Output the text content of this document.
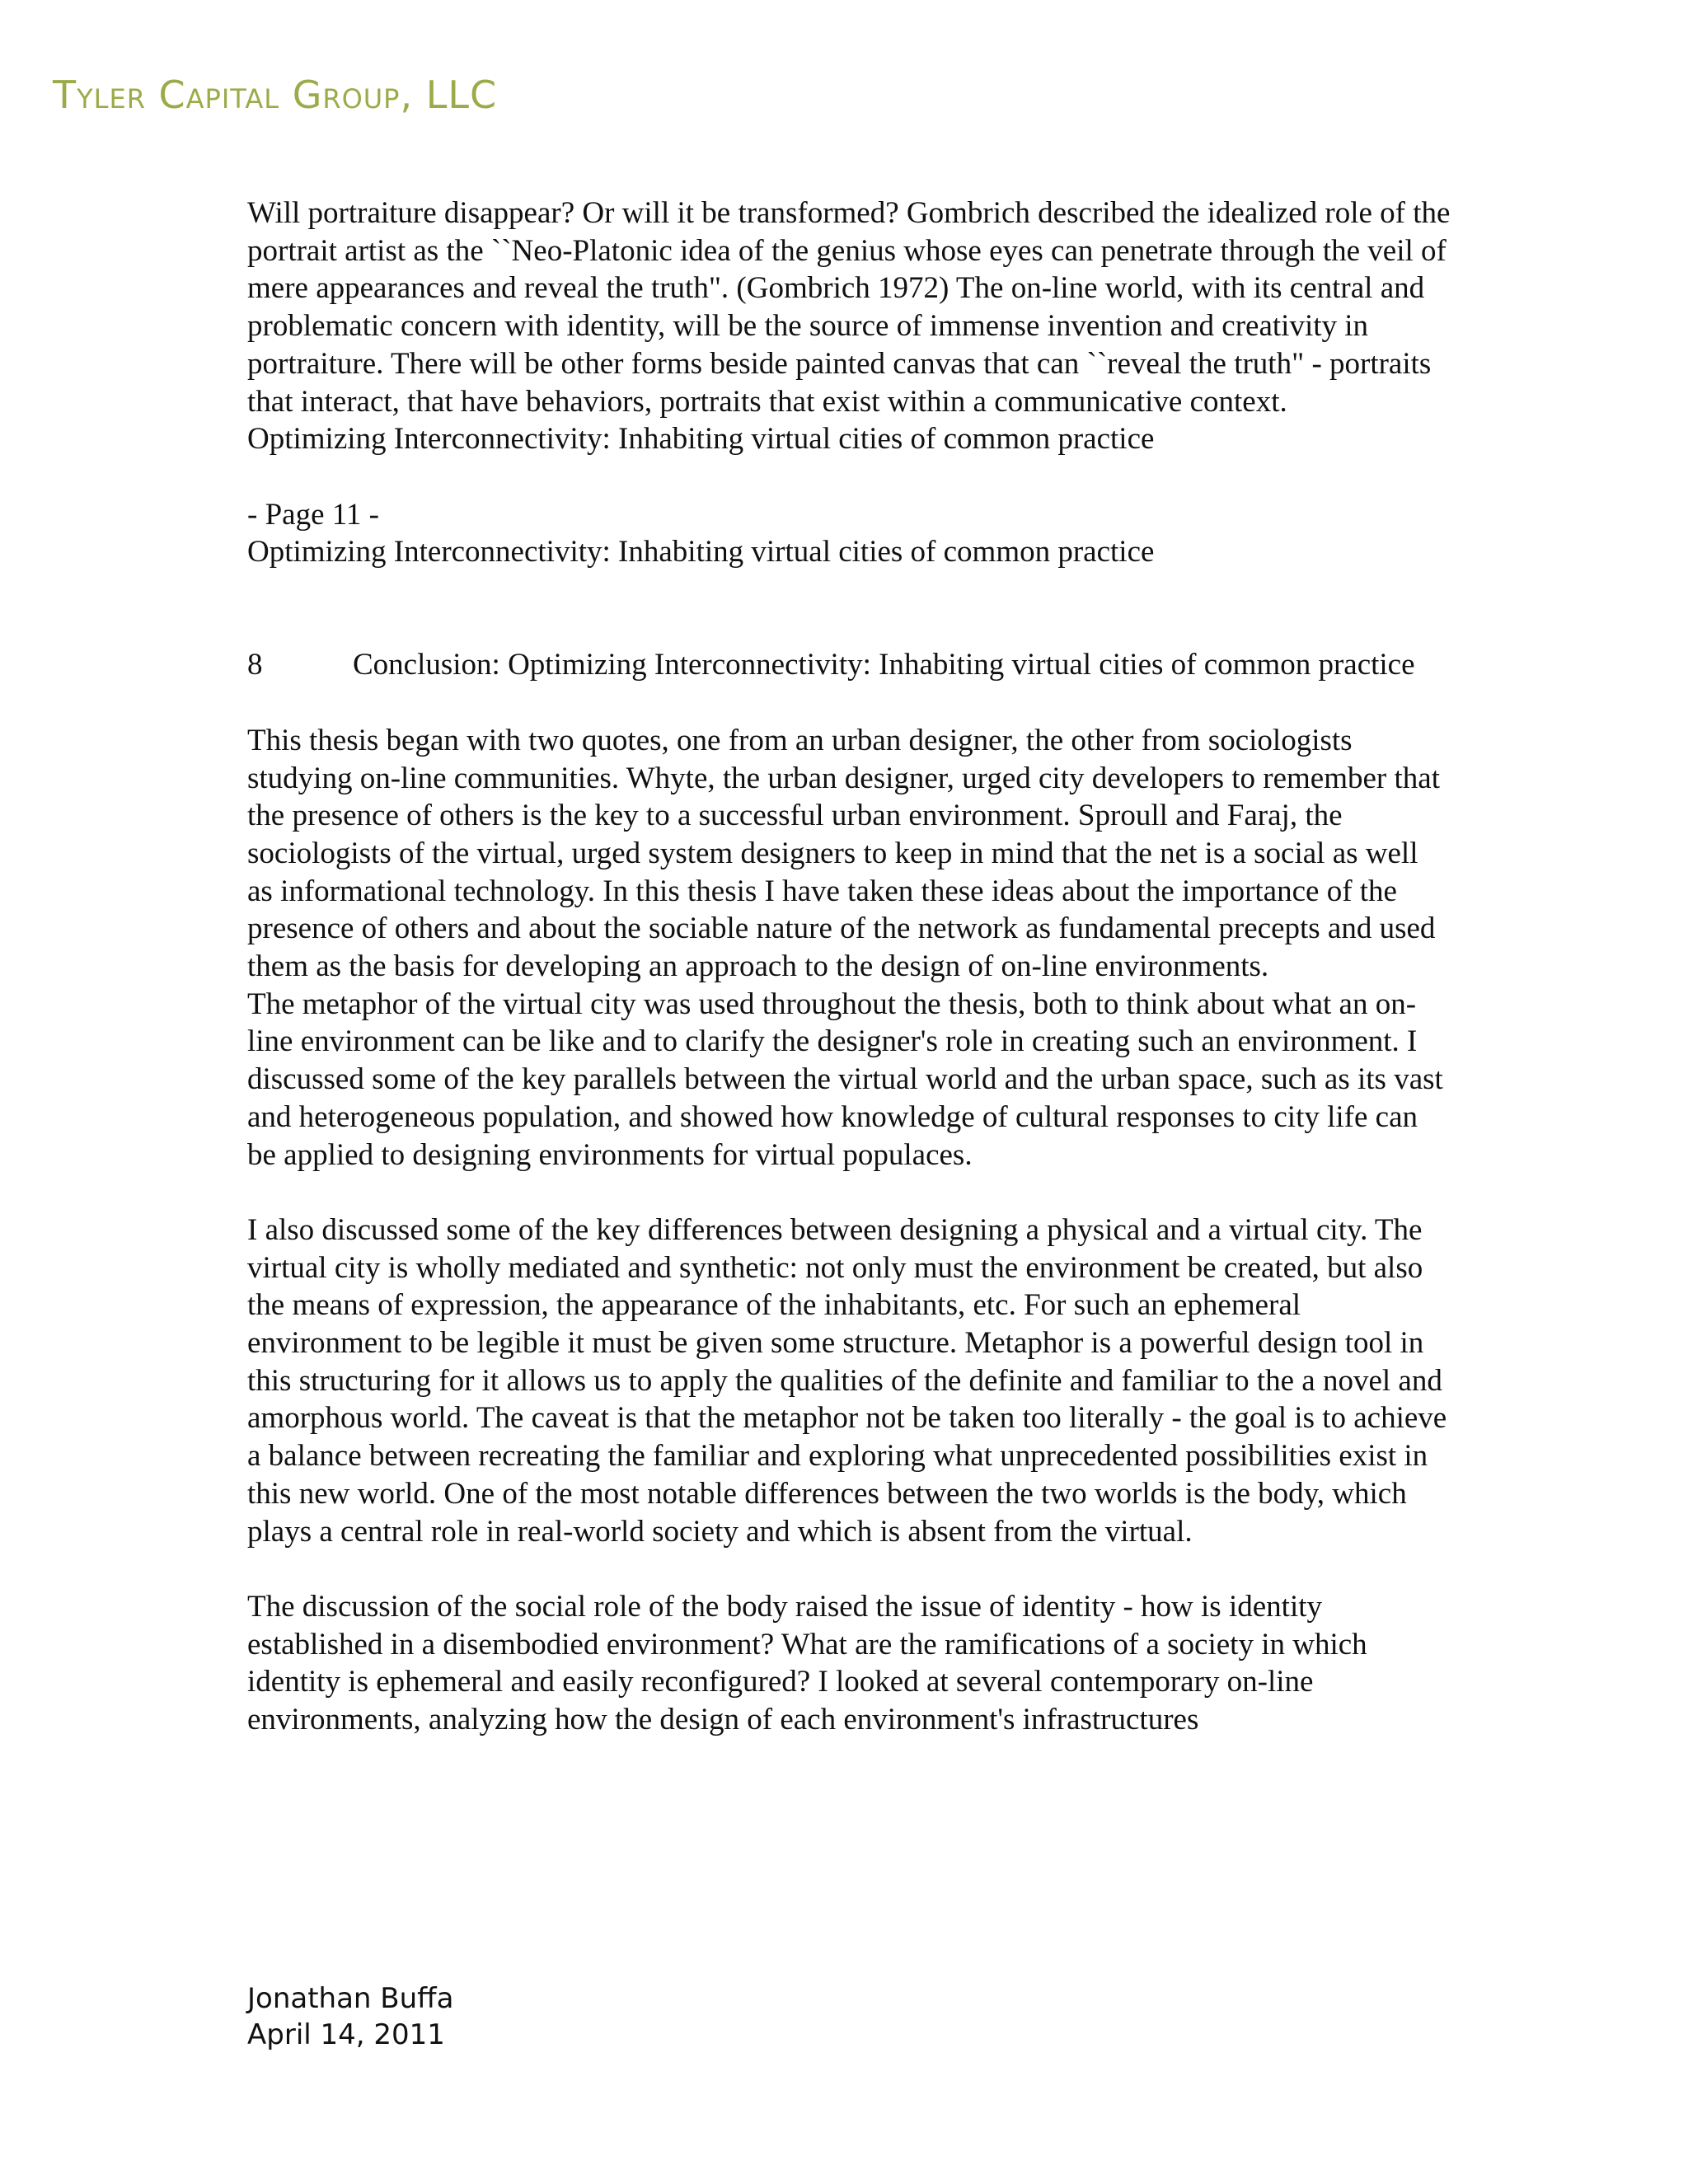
Tyler Capital Group, LLC

Will portraiture disappear? Or will it be transformed? Gombrich described the idealized role of the portrait artist as the ``Neo-Platonic idea of the genius whose eyes can penetrate through the veil of mere appearances and reveal the truth". (Gombrich 1972) The on-line world, with its central and problematic concern with identity, will be the source of immense invention and creativity in portraiture. There will be other forms beside painted canvas that can ``reveal the truth" - portraits that interact, that have behaviors, portraits that exist within a communicative context.

Optimizing Interconnectivity: Inhabiting virtual cities of common practice

- Page 11 -

Optimizing Interconnectivity: Inhabiting virtual cities of common practice

8	Conclusion: Optimizing Interconnectivity: Inhabiting virtual cities of common practice

This thesis began with two quotes, one from an urban designer, the other from sociologists studying on-line communities. Whyte, the urban designer, urged city developers to remember that the presence of others is the key to a successful urban environment. Sproull and Faraj, the sociologists of the virtual, urged system designers to keep in mind that the net is a social as well as informational technology. In this thesis I have taken these ideas about the importance of the presence of others and about the sociable nature of the network as fundamental precepts and used them as the basis for developing an approach to the design of on-line environments.

The metaphor of the virtual city was used throughout the thesis, both to think about what an on-line environment can be like and to clarify the designer's role in creating such an environment. I discussed some of the key parallels between the virtual world and the urban space, such as its vast and heterogeneous population, and showed how knowledge of cultural responses to city life can be applied to designing environments for virtual populaces.

I also discussed some of the key differences between designing a physical and a virtual city. The virtual city is wholly mediated and synthetic: not only must the environment be created, but also the means of expression, the appearance of the inhabitants, etc. For such an ephemeral environment to be legible it must be given some structure. Metaphor is a powerful design tool in this structuring for it allows us to apply the qualities of the definite and familiar to the a novel and amorphous world. The caveat is that the metaphor not be taken too literally - the goal is to achieve a balance between recreating the familiar and exploring what unprecedented possibilities exist in this new world. One of the most notable differences between the two worlds is the body, which plays a central role in real-world society and which is absent from the virtual.

The discussion of the social role of the body raised the issue of identity - how is identity established in a disembodied environment? What are the ramifications of a society in which identity is ephemeral and easily reconfigured? I looked at several contemporary on-line environments, analyzing how the design of each environment's infrastructures

Jonathan Buffa
April 14, 2011
